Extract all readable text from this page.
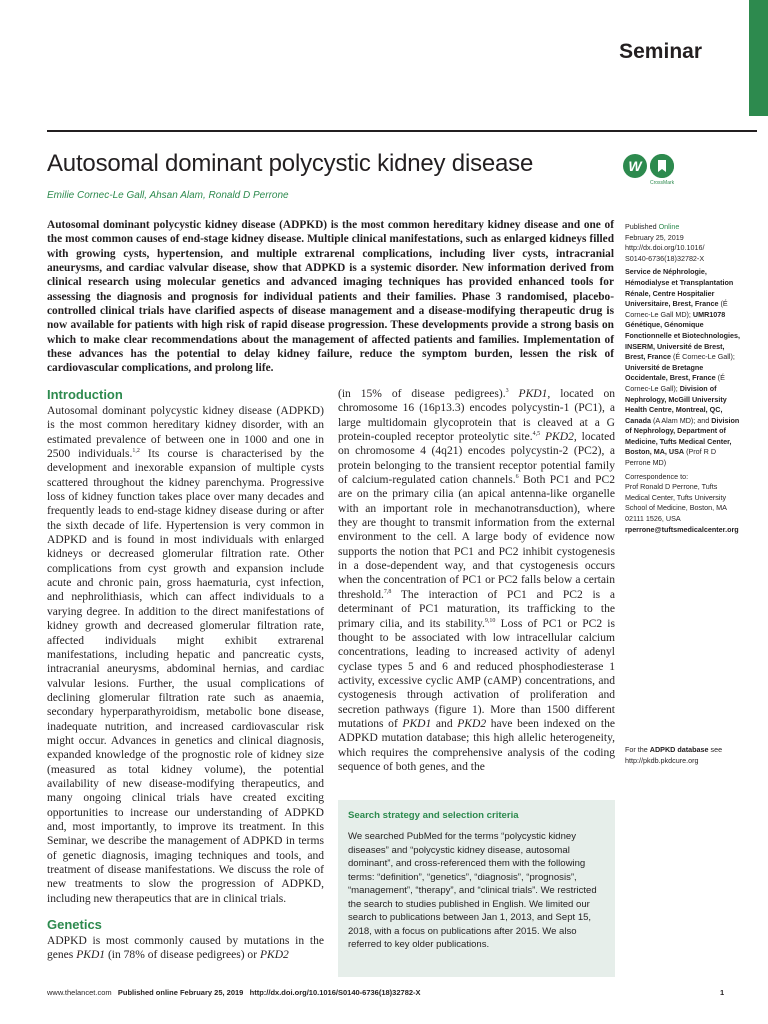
Seminar
Autosomal dominant polycystic kidney disease	W
CrossMark
Emilie Cornec-Le Gall, Ahsan Alam, Ronald D Perrone
Autosomal dominant polycystic kidney disease (ADPKD) is the most common hereditary kidney disease and one of the most common causes of end-stage kidney disease. Multiple clinical manifestations, such as enlarged kidneys filled with growing cysts, hypertension, and multiple extrarenal complications, including liver cysts, intracranial aneurysms, and cardiac valvular disease, show that ADPKD is a systemic disorder. New information derived from clinical research using molecular genetics and advanced imaging techniques has provided enhanced tools for assessing the diagnosis and prognosis for individual patients and their families. Phase 3 randomised, placebo-controlled clinical trials have clarified aspects of disease management and a disease-modifying therapeutic drug is now available for patients with high risk of rapid disease progression. These developments provide a strong basis on which to make clear recommendations about the management of affected patients and families. Implementation of these advances has the potential to delay kidney failure, reduce the symptom burden, lessen the risk of cardiovascular complications, and prolong life.
Introduction

Autosomal dominant polycystic kidney disease (ADPKD) is the most common hereditary kidney disorder, with an estimated prevalence of between one in 1000 and one in 2500 individuals.$^{1,2}$ Its course is characterised by the development and inexorable expansion of multiple cysts scattered throughout the kidney parenchyma. Progressive loss of kidney function takes place over many decades and frequently leads to end-stage kidney disease during or after the sixth decade of life. Hypertension is very common in ADPKD and is found in most individuals with enlarged kidneys or decreased glomerular filtration rate. Other complications from cyst growth and expansion include acute and chronic pain, gross haematuria, cyst infection, and nephrolithiasis, which can affect individuals to a varying degree. In addition to the direct manifestations of kidney growth and decreased glomerular filtration rate, affected individuals might exhibit extrarenal manifestations, including hepatic and pancreatic cysts, intracranial aneurysms, abdominal hernias, and cardiac valvular lesions. Further, the usual complications of declining glomerular filtration rate such as anaemia, secondary hyperparathyroidism, metabolic bone disease, inadequate nutrition, and increased cardiovascular risk might occur. Advances in genetics and clinical diagnosis, expanded knowledge of the prognostic role of kidney size (measured as total kidney volume), the potential availability of new disease-modifying therapeutics, and many ongoing clinical trials have created exciting opportunities to increase our understanding of ADPKD and, most importantly, to improve its treatment. In this Seminar, we describe the management of ADPKD in terms of genetic diagnosis, imaging techniques and tools, and treatment of disease manifestations. We discuss the role of new treatments to slow the progression of ADPKD, including new therapeutics that are in clinical trials.

Genetics

ADPKD is most commonly caused by mutations in the genes PKD1 (in 78% of disease pedigrees) or PKD2

(in 15% of disease pedigrees).$^3$ PKD1, located on chromosome 16 (16p13.3) encodes polycystin-1 (PC1), a large multidomain glycoprotein that is cleaved at a G protein-coupled receptor proteolytic site.$^{4,5}$ PKD2, located on chromosome 4 (4q21) encodes polycystin-2 (PC2), a protein belonging to the transient receptor potential family of calcium-regulated cation channels.$^6$ Both PC1 and PC2 are on the primary cilia (an apical antenna-like organelle with an important role in mechanotransduction), where they are thought to transmit information from the external environment to the cell. A large body of evidence now supports the notion that PC1 and PC2 inhibit cystogenesis in a dose-dependent way, and that cystogenesis occurs when the concentration of PC1 or PC2 falls below a certain threshold.$^{7,8}$ The interaction of PC1 and PC2 is a determinant of PC1 maturation, its trafficking to the primary cilia, and its stability.$^{9,10}$ Loss of PC1 or PC2 is thought to be associated with low intracellular calcium concentrations, leading to increased activity of adenyl cyclase types 5 and 6 and reduced phosphodiesterase 1 activity, excessive cyclic AMP (cAMP) concentrations, and cystogenesis through activation of proliferation and secretion pathways (figure 1). More than 1500 different mutations of PKD1 and PKD2 have been indexed on the ADPKD mutation database; this high allelic heterogeneity, which requires the comprehensive analysis of the coding sequence of both genes, and the

Search strategy and selection criteria
We searched PubMed for the terms “polycystic kidney diseases” and “polycystic kidney disease, autosomal dominant”, and cross-referenced them with the following terms: “definition”, “genetics”, “diagnosis”, “prognosis”, “management”, “therapy”, and “clinical trials”. We restricted the search to studies published in English. We limited our search to publications between Jan 1, 2013, and Sept 15, 2018, with a focus on publications after 2015. We also referred to key older publications.

Published Online
February 25, 2019
http://dx.doi.org/10.1016/
S0140-6736(18)32782-X

Service de Néphrologie, Hémodialyse et Transplantation Rénale, Centre Hospitalier Universitaire, Brest, France (É Cornec-Le Gall MD); UMR1078 Génétique, Génomique Fonctionnelle et Biotechnologies, INSERM, Université de Brest, Brest, France (É Cornec-Le Gall); Université de Bretagne Occidentale, Brest, France (É Cornec-Le Gall); Division of Nephrology, McGill University Health Centre, Montreal, QC, Canada (A Alam MD); and Division of Nephrology, Department of Medicine, Tufts Medical Center, Boston, MA, USA (Prof R D Perrone MD)

Correspondence to:
Prof Ronald D Perrone, Tufts Medical Center, Tufts University School of Medicine, Boston, MA 02111 1526, USA
rperrone@tuftsmedicalcenter.org

For the ADPKD database see
http://pkdb.pkdcure.org

www.thelancet.com Published online February 25, 2019 http://dx.doi.org/10.1016/S0140-6736(18)32782-X	1
